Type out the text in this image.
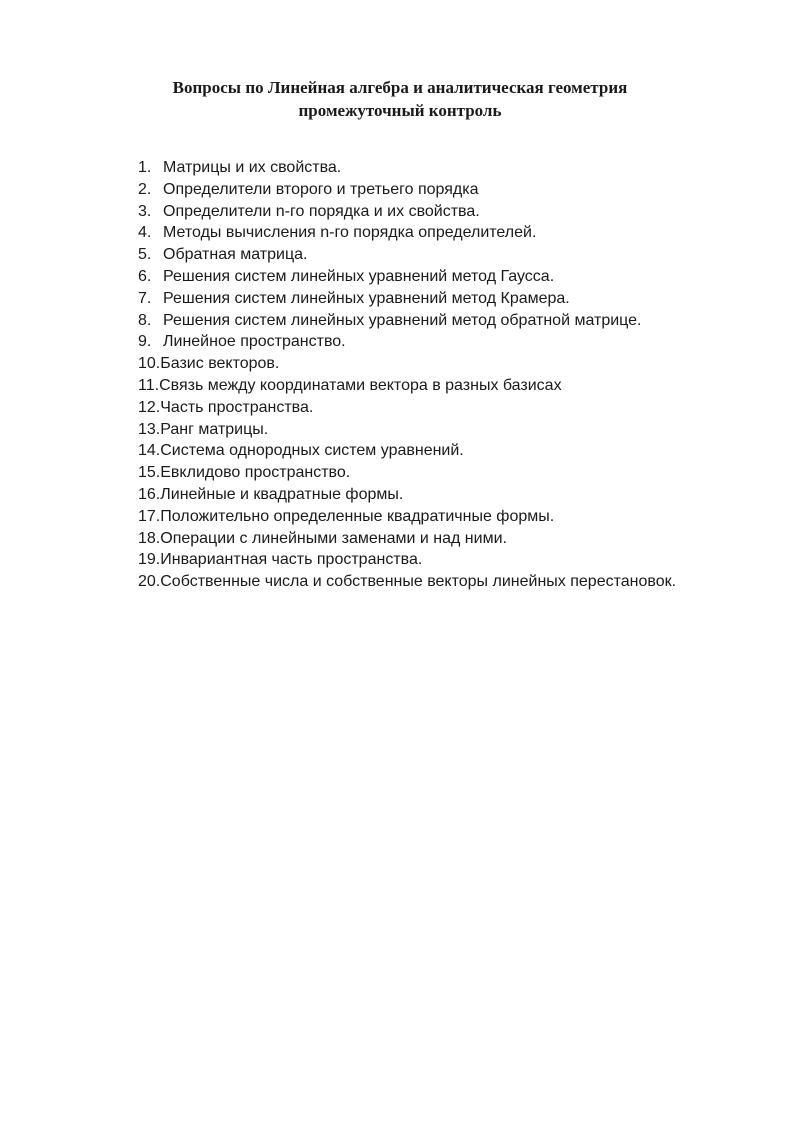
Вопросы по Линейная алгебра и аналитическая геометрия
промежуточный контроль
1. Матрицы и их свойства.
2. Определители второго и третьего порядка
3. Определители n-го порядка и их свойства.
4. Методы вычисления n-го порядка определителей.
5. Обратная матрица.
6. Решения систем линейных уравнений метод Гаусса.
7. Решения систем линейных уравнений метод Крамера.
8. Решения систем линейных уравнений метод обратной матрице.
9. Линейное пространство.
10. Базис векторов.
11. Связь между координатами вектора в разных базисах
12. Часть пространства.
13. Ранг матрицы.
14. Система однородных систем уравнений.
15. Евклидово пространство.
16. Линейные и квадратные формы.
17. Положительно определенные квадратичные формы.
18. Операции с линейными заменами и над ними.
19. Инвариантная часть пространства.
20. Собственные числа и собственные векторы линейных перестановок.
